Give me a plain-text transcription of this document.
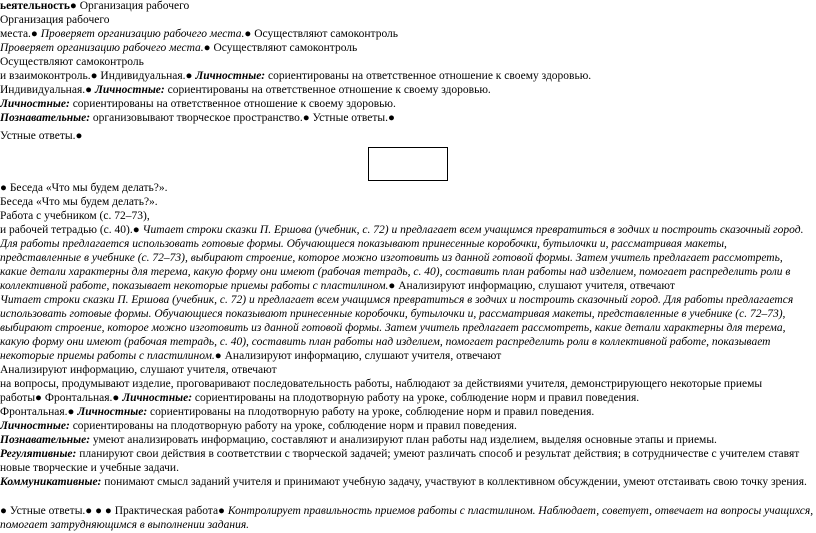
ьеятельность● Организация рабочего
Организация рабочего
места.● Проверяет организацию рабочего места.● Осуществляют самоконтроль
Проверяет организацию рабочего места.● Осуществляют самоконтроль
Осуществляют самоконтроль
и взаимоконтроль.● Индивидуальная.● Личностные: сориентированы на ответственное отношение к своему здоровью.
Индивидуальная.● Личностные: сориентированы на ответственное отношение к своему здоровью.
Личностные: сориентированы на ответственное отношение к своему здоровью.
Познавательные: организовывают творческое пространство.● Устные ответы.●
Устные ответы.●
● Беседа «Что мы будем делать?».
Беседа «Что мы будем делать?».
Работа с учебником (с. 72–73),
и рабочей тетрадью (с. 40).● Читает строки сказки П. Ершова (учебник, с. 72) и предлагает всем учащимся превратиться в зодчих и построить сказочный город.
Для работы предлагается использовать готовые формы. Обучающиеся показывают принесенные коробочки, бутылочки и, рассматривая макеты,
представленные в учебнике (с. 72–73), выбирают строение, которое можно изготовить из данной готовой формы. Затем учитель предлагает рассмотреть,
какие детали характерны для терема, какую форму они имеют (рабочая тетрадь, с. 40), составить план работы над изделием, помогает распределить роли в
коллективной работе, показывает некоторые приемы работы с пластилином.● Анализируют информацию, слушают учителя, отвечают
Читает строки сказки П. Ершова (учебник, с. 72) и предлагает всем учащимся превратиться в зодчих и построить сказочный город. Для работы предлагается
использовать готовые формы. Обучающиеся показывают принесенные коробочки, бутылочки и, рассматривая макеты, представленные в учебнике (с. 72–73),
выбирают строение, которое можно изготовить из данной готовой формы. Затем учитель предлагает рассмотреть, какие детали характерны для терема,
какую форму они имеют (рабочая тетрадь, с. 40), составить план работы над изделием, помогает распределить роли в коллективной работе, показывает
некоторые приемы работы с пластилином.● Анализируют информацию, слушают учителя, отвечают
Анализируют информацию, слушают учителя, отвечают
на вопросы, продумывают изделие, проговаривают последовательность работы, наблюдают за действиями учителя, демонстрирующего некоторые приемы
работы● Фронтальная.● Личностные: сориентированы на плодотворную работу на уроке, соблюдение норм и правил поведения.
Фронтальная.● Личностные: сориентированы на плодотворную работу на уроке, соблюдение норм и правил поведения.
Личностные: сориентированы на плодотворную работу на уроке, соблюдение норм и правил поведения.
Познавательные: умеют анализировать информацию, составляют и анализируют план работы над изделием, выделяя основные этапы и приемы.
Регулятивные: планируют свои действия в соответствии с творческой задачей; умеют различать способ и результат действия; в сотрудничестве с учителем ставят новые творческие и учебные задачи.
Коммуникативные: понимают смысл заданий учителя и принимают учебную задачу, участвуют в коллективном обсуждении, умеют отстаивать свою точку зрения.
● Устные ответы.● ● ● Практическая работа● Контролирует правильность приемов работы с пластилином. Наблюдает, советует, отвечает на вопросы учащихся, помогает затрудняющимся в выполнении задания.
